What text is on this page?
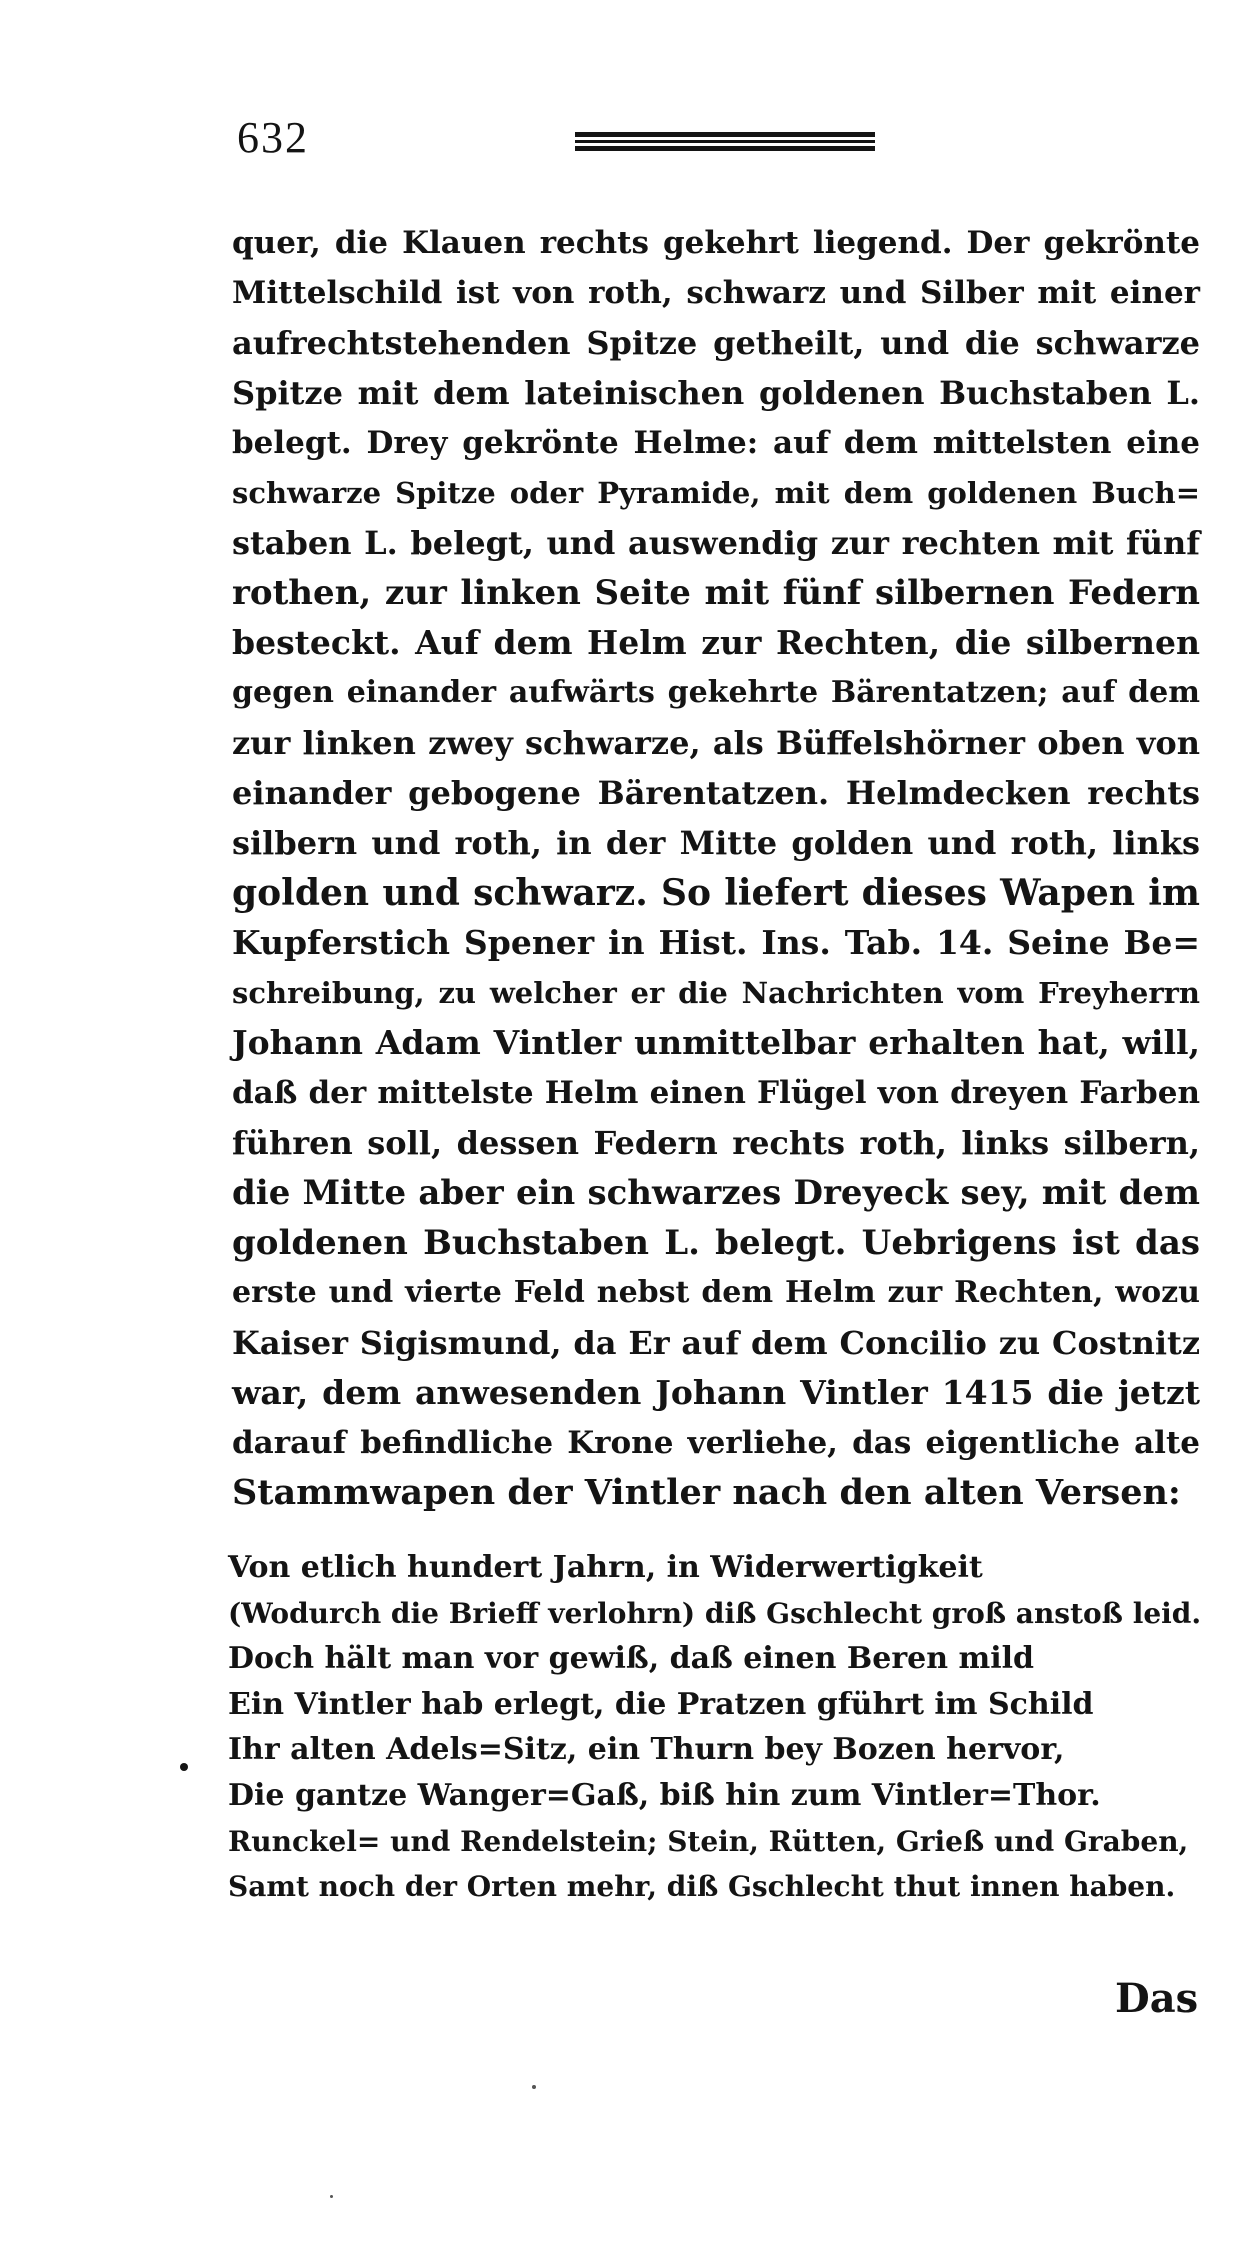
632
quer, die Klauen rechts gekehrt liegend. Der gekrönte
Mittelschild ist von roth, schwarz und Silber mit einer
aufrechtstehenden Spitze getheilt, und die schwarze
Spitze mit dem lateinischen goldenen Buchstaben L.
belegt. Drey gekrönte Helme: auf dem mittelsten eine
schwarze Spitze oder Pyramide, mit dem goldenen Buch=
staben L. belegt, und auswendig zur rechten mit fünf
rothen, zur linken Seite mit fünf silbernen Federn
besteckt. Auf dem Helm zur Rechten, die silbernen
gegen einander aufwärts gekehrte Bärentatzen; auf dem
zur linken zwey schwarze, als Büffelshörner oben von
einander gebogene Bärentatzen. Helmdecken rechts
silbern und roth, in der Mitte golden und roth, links
golden und schwarz. So liefert dieses Wapen im
Kupferstich Spener in Hist. Ins. Tab. 14. Seine Be=
schreibung, zu welcher er die Nachrichten vom Freyherrn
Johann Adam Vintler unmittelbar erhalten hat, will,
daß der mittelste Helm einen Flügel von dreyen Farben
führen soll, dessen Federn rechts roth, links silbern,
die Mitte aber ein schwarzes Dreyeck sey, mit dem
goldenen Buchstaben L. belegt. Uebrigens ist das
erste und vierte Feld nebst dem Helm zur Rechten, wozu
Kaiser Sigismund, da Er auf dem Concilio zu Costnitz
war, dem anwesenden Johann Vintler 1415 die jetzt
darauf befindliche Krone verliehe, das eigentliche alte
Stammwapen der Vintler nach den alten Versen:
Von etlich hundert Jahrn, in Widerwertigkeit
(Wodurch die Brieff verlohrn) diß Gschlecht groß anstoß leid.
Doch hält man vor gewiß, daß einen Beren mild
Ein Vintler hab erlegt, die Pratzen gführt im Schild
Ihr alten Adels=Sitz, ein Thurn bey Bozen hervor,
Die gantze Wanger=Gaß, biß hin zum Vintler=Thor.
Runckel= und Rendelstein; Stein, Rütten, Grieß und Graben,
Samt noch der Orten mehr, diß Gschlecht thut innen haben.
Das
